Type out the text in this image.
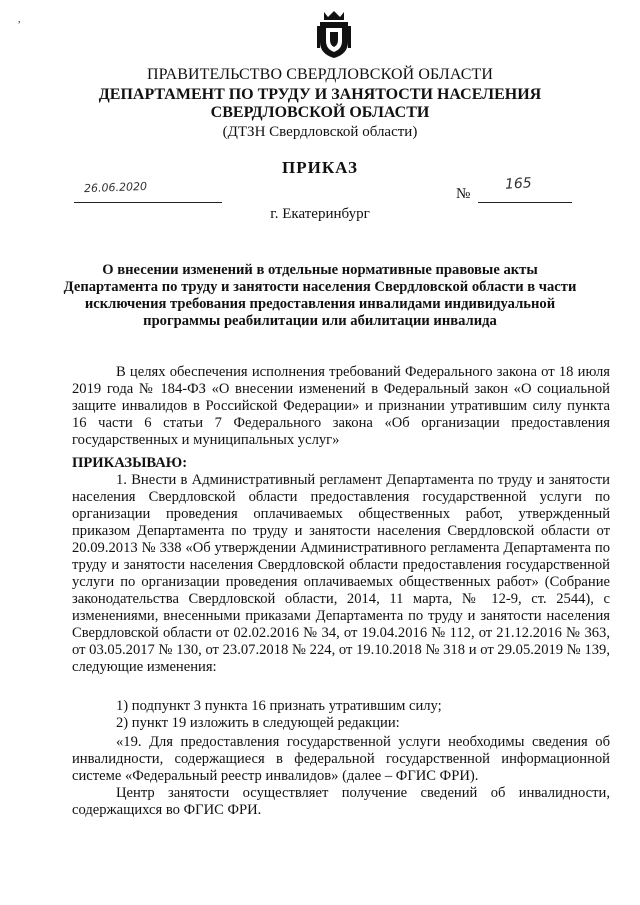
,
ПРАВИТЕЛЬСТВО СВЕРДЛОВСКОЙ ОБЛАСТИ
ДЕПАРТАМЕНТ ПО ТРУДУ И ЗАНЯТОСТИ НАСЕЛЕНИЯ СВЕРДЛОВСКОЙ ОБЛАСТИ
(ДТЗН Свердловской области)
ПРИКАЗ
26.06.2020	№
165
г. Екатеринбург
О внесении изменений в отдельные нормативные правовые акты Департамента по труду и занятости населения Свердловской области в части исключения требования предоставления инвалидами индивидуальной программы реабилитации или абилитации инвалида

В целях обеспечения исполнения требований Федерального закона от 18 июля 2019 года № 184-ФЗ «О внесении изменений в Федеральный закон «О социальной защите инвалидов в Российской Федерации» и признании утратившим силу пункта 16 части 6 статьи 7 Федерального закона «Об организации предоставления государственных и муниципальных услуг»

ПРИКАЗЫВАЮ:

1. Внести в Административный регламент Департамента по труду и занятости населения Свердловской области предоставления государственной услуги по организации проведения оплачиваемых общественных работ, утвержденный приказом Департамента по труду и занятости населения Свердловской области от 20.09.2013 № 338 «Об утверждении Административного регламента Департамента по труду и занятости населения Свердловской области предоставления государственной услуги по организации проведения оплачиваемых общественных работ» (Собрание законодательства Свердловской области, 2014, 11 марта, № 12-9, ст. 2544), с изменениями, внесенными приказами Департамента по труду и занятости населения Свердловской области от 02.02.2016 № 34, от 19.04.2016 № 112, от 21.12.2016 № 363, от 03.05.2017 № 130, от 23.07.2018 № 224, от 19.10.2018 № 318 и от 29.05.2019 № 139, следующие изменения:

1) подпункт 3 пункта 16 признать утратившим силу;

2) пункт 19 изложить в следующей редакции:

«19. Для предоставления государственной услуги необходимы сведения об инвалидности, содержащиеся в федеральной государственной информационной системе «Федеральный реестр инвалидов» (далее – ФГИС ФРИ).

Центр занятости осуществляет получение сведений об инвалидности, содержащихся во ФГИС ФРИ.
